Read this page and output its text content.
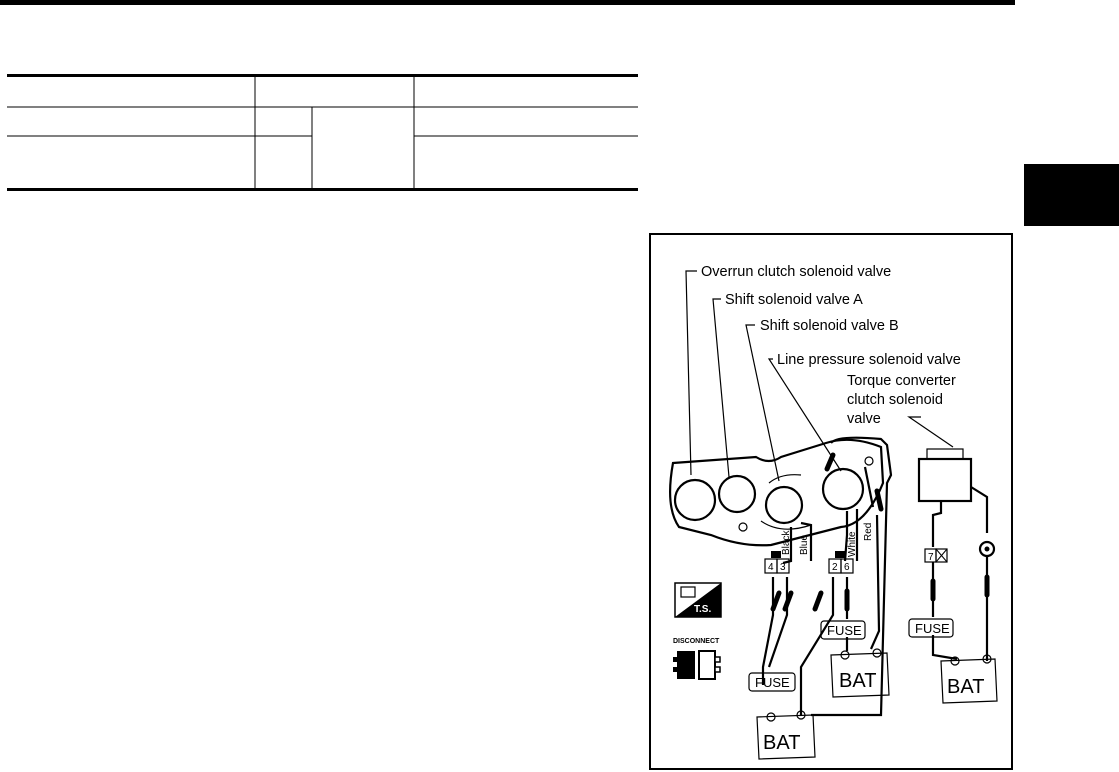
Overrun clutch solenoid valve
Shift solenoid valve A
Shift solenoid valve B
Line pressure solenoid valve
Torque converter
clutch solenoid
valve
4 3	2 6
Black Blue	White Red
FUSE
FUSE BAT
BAT
7
FUSE
BAT
T.S.
DISCONNECT
